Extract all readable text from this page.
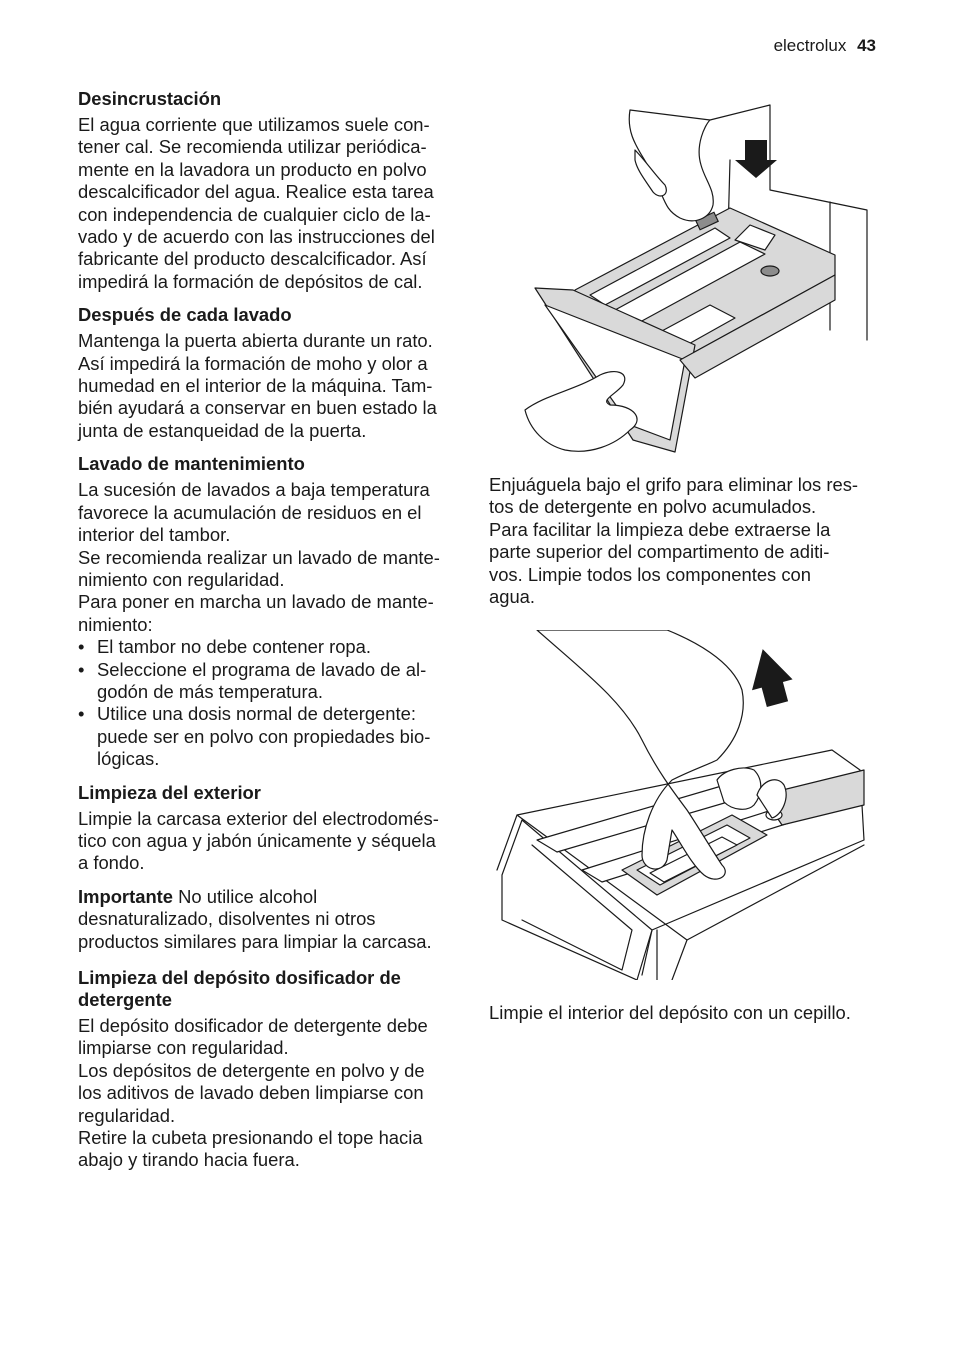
electrolux 43
Desincrustación

El agua corriente que utilizamos suele con-
tener cal. Se recomienda utilizar periódica-
mente en la lavadora un producto en polvo
descalcificador del agua. Realice esta tarea
con independencia de cualquier ciclo de la-
vado y de acuerdo con las instrucciones del
fabricante del producto descalcificador. Así
impedirá la formación de depósitos de cal.

Después de cada lavado

Mantenga la puerta abierta durante un rato.
Así impedirá la formación de moho y olor a
humedad en el interior de la máquina. Tam-
bién ayudará a conservar en buen estado la
junta de estanqueidad de la puerta.

Lavado de mantenimiento

La sucesión de lavados a baja temperatura
favorece la acumulación de residuos en el
interior del tambor.
Se recomienda realizar un lavado de mante-
nimiento con regularidad.
Para poner en marcha un lavado de mante-
nimiento:

• El tambor no debe contener ropa.
• Seleccione el programa de lavado de al-
godón de más temperatura.
• Utilice una dosis normal de detergente:
puede ser en polvo con propiedades bio-
lógicas.
Limpieza del exterior

Limpie la carcasa exterior del electrodomés-
tico con agua y jabón únicamente y séquela
a fondo.

Importante No utilice alcohol
desnaturalizado, disolventes ni otros
productos similares para limpiar la carcasa.

Limpieza del depósito dosificador de
detergente

El depósito dosificador de detergente debe
limpiarse con regularidad.
Los depósitos de detergente en polvo y de
los aditivos de lavado deben limpiarse con
regularidad.
Retire la cubeta presionando el tope hacia
abajo y tirando hacia fuera.

Enjuáguela bajo el grifo para eliminar los res-
tos de detergente en polvo acumulados.
Para facilitar la limpieza debe extraerse la
parte superior del compartimento de aditi-
vos. Limpie todos los componentes con
agua.

Limpie el interior del depósito con un cepillo.
